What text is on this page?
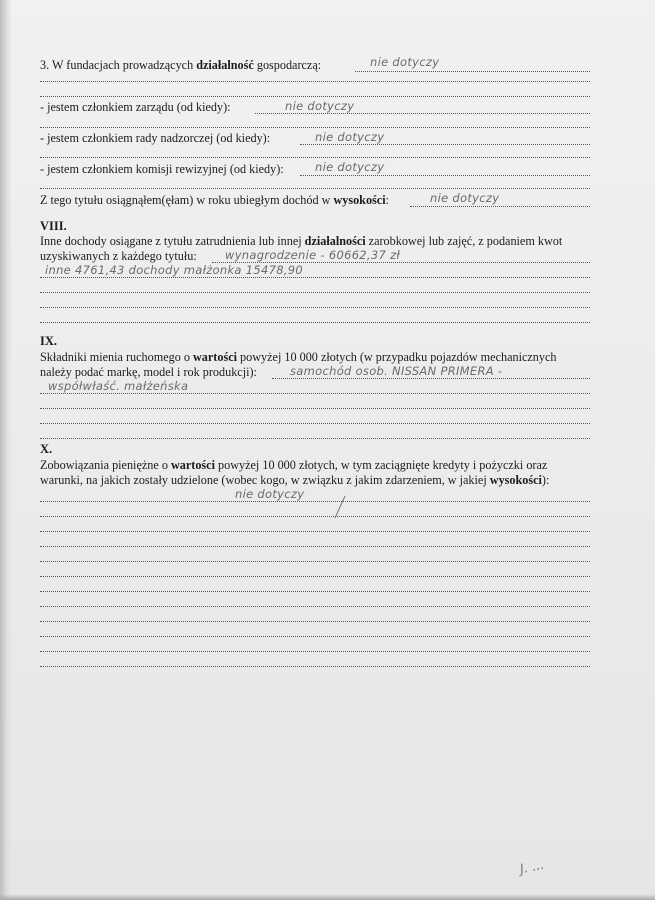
3. W fundacjach prowadzących działalność gospodarczą:	nie dotyczy
- jestem członkiem zarządu (od kiedy):	nie dotyczy
- jestem członkiem rady nadzorczej (od kiedy):	nie dotyczy
- jestem członkiem komisji rewizyjnej (od kiedy):	nie dotyczy
Z tego tytułu osiągnąłem(ęłam) w roku ubiegłym dochód w wysokości:	nie dotyczy
VIII.
Inne dochody osiągane z tytułu zatrudnienia lub innej działalności zarobkowej lub zajęć, z podaniem kwot
uzyskiwanych z każdego tytułu:	wynagrodzenie - 60662,37 zł
inne 4761,43 dochody małżonka 15478,90
IX.
Składniki mienia ruchomego o wartości powyżej 10 000 złotych (w przypadku pojazdów mechanicznych
należy podać markę, model i rok produkcji):	samochód osob. NISSAN PRIMERA -
współwłaść. małżeńska
X.
Zobowiązania pieniężne o wartości powyżej 10 000 złotych, w tym zaciągnięte kredyty i pożyczki oraz
warunki, na jakich zostały udzielone (wobec kogo, w związku z jakim zdarzeniem, w jakiej wysokości):
nie dotyczy
J. ...
